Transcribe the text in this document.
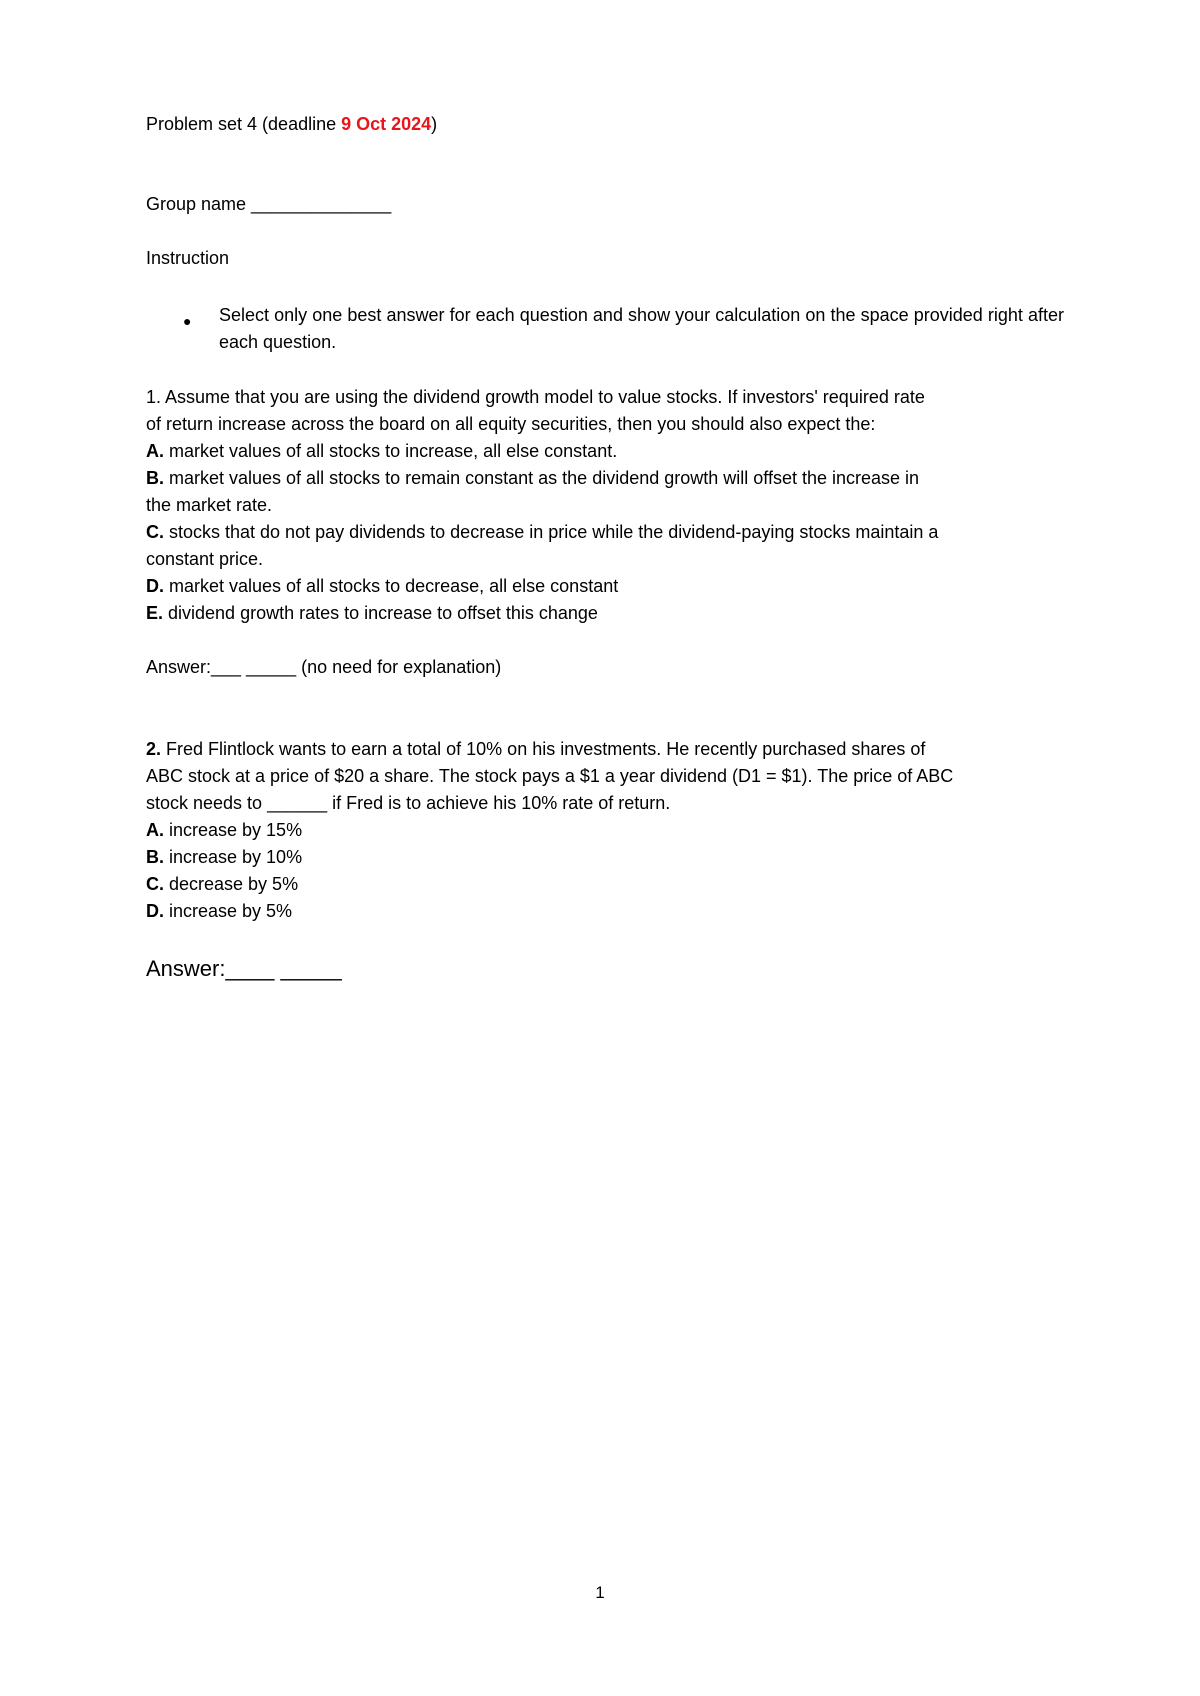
Problem set 4 (deadline 9 Oct 2024)
Group name ______________
Instruction
● Select only one best answer for each question and show your calculation on the space provided right after each question.
1. Assume that you are using the dividend growth model to value stocks. If investors' required rate
of return increase across the board on all equity securities, then you should also expect the:
A. market values of all stocks to increase, all else constant.
B. market values of all stocks to remain constant as the dividend growth will offset the increase in
the market rate.
C. stocks that do not pay dividends to decrease in price while the dividend-paying stocks maintain a
constant price.
D. market values of all stocks to decrease, all else constant
E. dividend growth rates to increase to offset this change
Answer:___ _____ (no need for explanation)
2. Fred Flintlock wants to earn a total of 10% on his investments. He recently purchased shares of
ABC stock at a price of $20 a share. The stock pays a $1 a year dividend (D1 = $1). The price of ABC
stock needs to ______ if Fred is to achieve his 10% rate of return.
A. increase by 15%
B. increase by 10%
C. decrease by 5%
D. increase by 5%
Answer:____ _____
1
